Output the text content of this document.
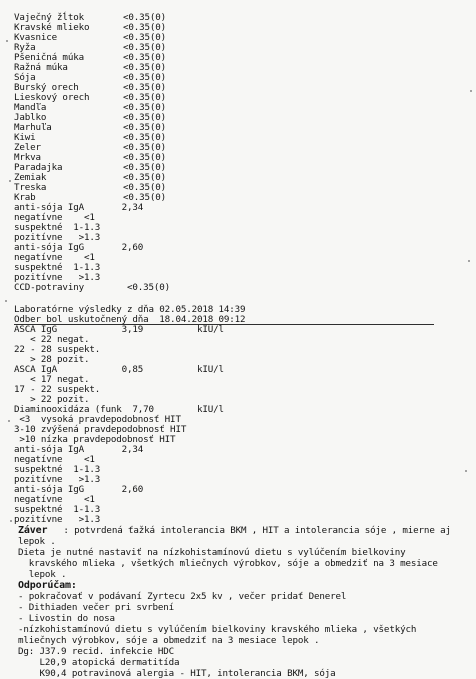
Vaječný žĺtok	<0.35(0)
Kravské mlieko	<0.35(0)
Kvasnice	<0.35(0)
Ryža	<0.35(0)
Pšeničná múka	<0.35(0)
Ražná múka	<0.35(0)
Sója	<0.35(0)
Burský orech	<0.35(0)
Lieskový orech	<0.35(0)
Mandľa	<0.35(0)
Jablko	<0.35(0)
Marhuľa	<0.35(0)
Kiwi	<0.35(0)
Zeler	<0.35(0)
Mrkva	<0.35(0)
Paradajka	<0.35(0)
Zemiak	<0.35(0)
Treska	<0.35(0)
Krab	<0.35(0)
anti-sója IgA       2,34
negatívne    <1
suspektné  1-1.3
pozitívne   >1.3
anti-sója IgG       2,60
negatívne    <1
suspektné  1-1.3
pozitívne   >1.3
CCD-potraviny        <0.35(0)
Laboratórne výsledky z dňa 02.05.2018 14:39
Odber bol uskutočnený dňa  18.04.2018 09:12
ASCA IgG            3,19          kIU/l
< 22 negat.
22 - 28 suspekt.
> 28 pozit.
ASCA IgA            0,85          kIU/l
< 17 negat.
17 - 22 suspekt.
> 22 pozit.
Diaminooxidáza (funk  7,70        kIU/l
<3  vysoká pravdepodobnosť HIT
3-10 zvýšená pravdepodobnosť HIT
>10 nízka pravdepodobnosť HIT
anti-sója IgA       2,34
negatívne    <1
suspektné  1-1.3
pozitívne   >1.3
anti-sója IgG       2,60
negatívne    <1
suspektné  1-1.3
pozitívne   >1.3
Záver : potvrdená ťažká intolerancia BKM , HIT a intolerancia sóje , mierne aj
lepok .
Dieta je nutné nastaviť na nízkohistamínovú dietu s vylúčením bielkoviny
kravského mlieka , všetkých mliečnych výrobkov, sóje a obmedziť na 3 mesiace
lepok .
Odporúčam:
- pokračovať v podávaní Zyrtecu 2x5 kv , večer pridať Denerel
- Dithiaden večer pri svrbení
- Livostin do nosa
-nízkohistamínovú dietu s vylúčením bielkoviny kravského mlieka , všetkých
mliečnych výrobkov, sóje a obmedziť na 3 mesiace lepok .
Dg: J37.9 recid. infekcie HDC
L20,9 atopická dermatitída
K90,4 potravinová alergia - HIT, intolerancia BKM, sója
